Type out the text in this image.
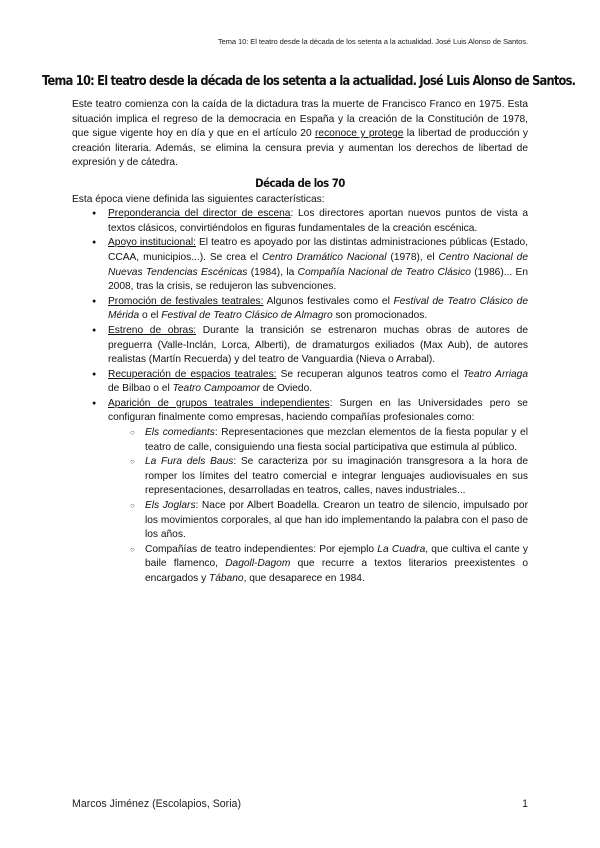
Tema 10: El teatro desde la década de los setenta a la actualidad. José Luis Alonso de Santos.
Tema 10: El teatro desde la década de los setenta a la actualidad. José Luis Alonso de Santos.

Este teatro comienza con la caída de la dictadura tras la muerte de Francisco Franco en 1975. Esta situación implica el regreso de la democracia en España y la creación de la Constitución de 1978, que sigue vigente hoy en día y que en el artículo 20 reconoce y protege la libertad de producción y creación literaria. Además, se elimina la censura previa y aumentan los derechos de libertad de expresión y de cátedra.

Década de los 70

Esta época viene definida las siguientes características:

● Preponderancia del director de escena: Los directores aportan nuevos puntos de vista a textos clásicos, convirtiéndolos en figuras fundamentales de la creación escénica.
● Apoyo institucional: El teatro es apoyado por las distintas administraciones públicas (Estado, CCAA, municipios...). Se crea el Centro Dramático Nacional (1978), el Centro Nacional de Nuevas Tendencias Escénicas (1984), la Compañía Nacional de Teatro Clásico (1986)... En 2008, tras la crisis, se redujeron las subvenciones.
● Promoción de festivales teatrales: Algunos festivales como el Festival de Teatro Clásico de Mérida o el Festival de Teatro Clásico de Almagro son promocionados.
● Estreno de obras: Durante la transición se estrenaron muchas obras de autores de preguerra (Valle-Inclán, Lorca, Alberti), de dramaturgos exiliados (Max Aub), de autores realistas (Martín Recuerda) y del teatro de Vanguardia (Nieva o Arrabal).
● Recuperación de espacios teatrales: Se recuperan algunos teatros como el Teatro Arriaga de Bilbao o el Teatro Campoamor de Oviedo.
● Aparición de grupos teatrales independientes: Surgen en las Universidades pero se configuran finalmente como empresas, haciendo compañías profesionales como:
○ Els comediants: Representaciones que mezclan elementos de la fiesta popular y el teatro de calle, consiguiendo una fiesta social participativa que estimula al público.
○ La Fura dels Baus: Se caracteriza por su imaginación transgresora a la hora de romper los límites del teatro comercial e integrar lenguajes audiovisuales en sus representaciones, desarrolladas en teatros, calles, naves industriales...
○ Els Joglars: Nace por Albert Boadella. Crearon un teatro de silencio, impulsado por los movimientos corporales, al que han ido implementando la palabra con el paso de los años.
○ Compañías de teatro independientes: Por ejemplo La Cuadra, que cultiva el cante y baile flamenco, Dagoll-Dagom que recurre a textos literarios preexistentes o encargados y Tábano, que desaparece en 1984.
Marcos Jiménez (Escolapios, Soria)	1
